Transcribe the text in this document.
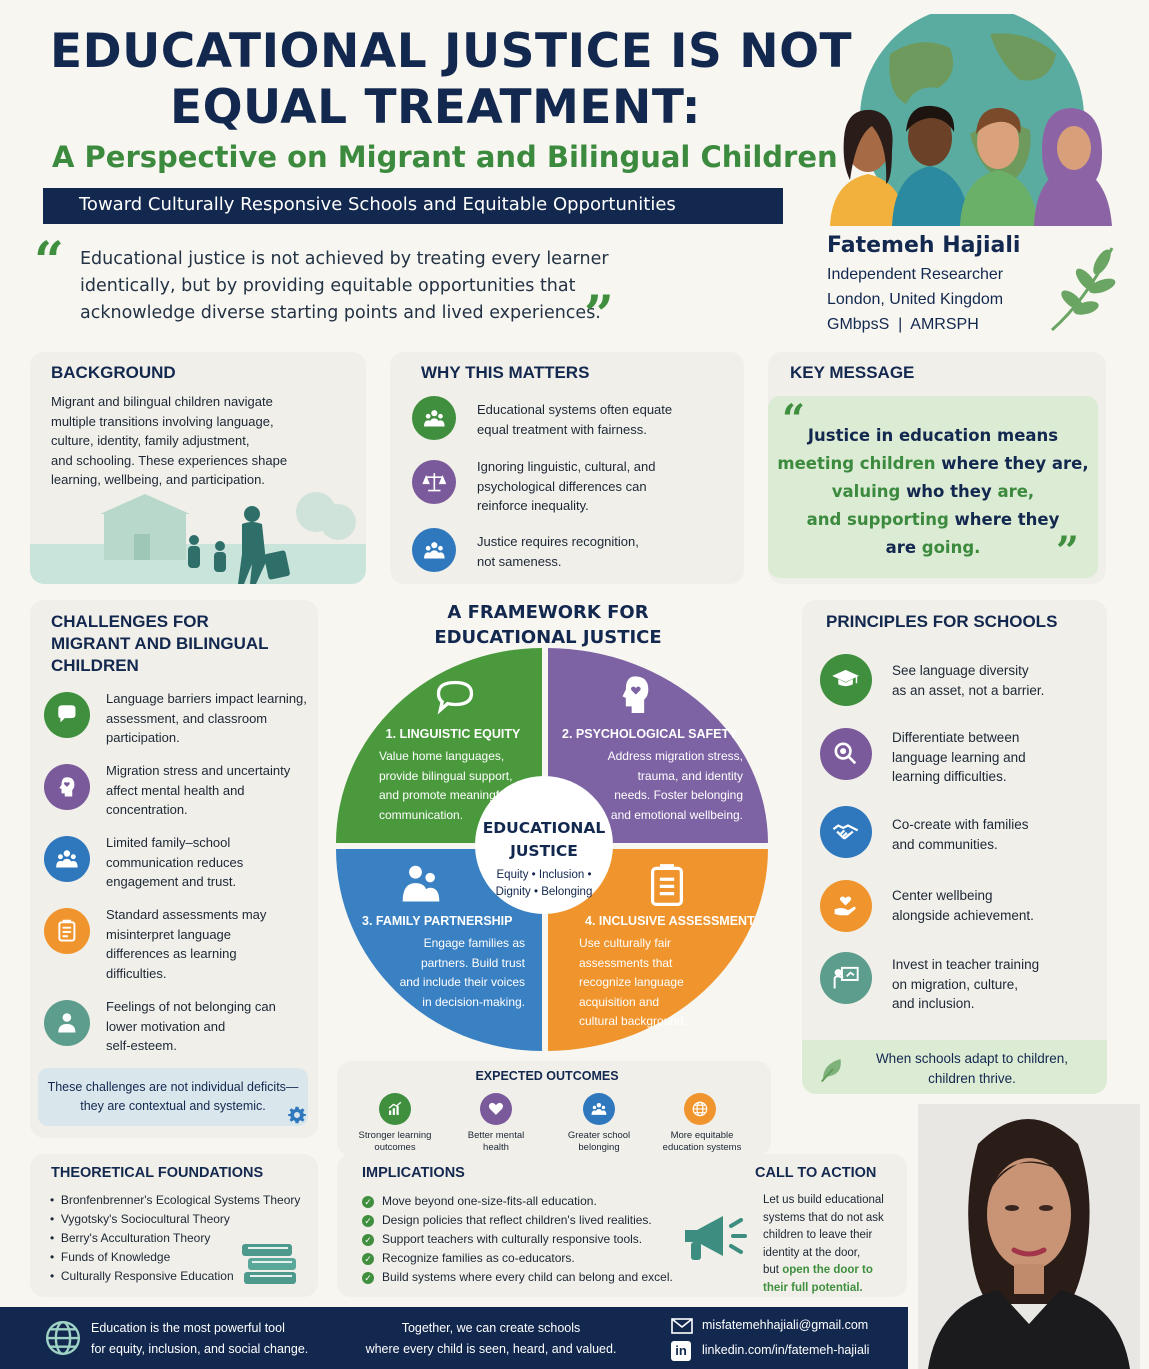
EDUCATIONAL JUSTICE IS NOT
EQUAL TREATMENT:
A Perspective on Migrant and Bilingual Children
Toward Culturally Responsive Schools and Equitable Opportunities
“ Educational justice is not achieved by treating every learner
identically, but by providing equitable opportunities that
acknowledge diverse starting points and lived experiences.
”
Fatemeh Hajiali
Independent Researcher
London, United Kingdom
GMbpsS  |  AMRSPH
BACKGROUND
Migrant and bilingual children navigate
multiple transitions involving language,
culture, identity, family adjustment,
and schooling. These experiences shape
learning, wellbeing, and participation.
WHY THIS MATTERS
Educational systems often equate
equal treatment with fairness.
Ignoring linguistic, cultural, and
psychological differences can
reinforce inequality.
Justice requires recognition,
not sameness.
KEY MESSAGE
“ Justice in education means
meeting children where they are,
valuing who they are,
and supporting where they
are going.	”
CHALLENGES FOR
MIGRANT AND BILINGUAL
CHILDREN
Language barriers impact learning,
assessment, and classroom
participation.
Migration stress and uncertainty
affect mental health and
concentration.
Limited family–school
communication reduces
engagement and trust.
Standard assessments may
misinterpret language
differences as learning
difficulties.
Feelings of not belonging can
lower motivation and
self-esteem.
These challenges are not individual deficits—
they are contextual and systemic.
A FRAMEWORK FOR
EDUCATIONAL JUSTICE
1. LINGUISTIC EQUITY
Value home languages,
provide bilingual support,
and promote meaningful
communication.
2. PSYCHOLOGICAL SAFETY
Address migration stress,
trauma, and identity
needs. Foster belonging
and emotional wellbeing.
3. FAMILY PARTNERSHIP
Engage families as
partners. Build trust
and include their voices
in decision-making.
4. INCLUSIVE ASSESSMENT
Use culturally fair
assessments that
recognize language
acquisition and
cultural background.
EDUCATIONAL
JUSTICE
Equity • Inclusion •
Dignity • Belonging
EXPECTED OUTCOMES
Stronger learning
outcomes
Better mental
health
Greater school
belonging
More equitable
education systems
PRINCIPLES FOR SCHOOLS
See language diversity
as an asset, not a barrier.
Differentiate between
language learning and
learning difficulties.
Co-create with families
and communities.
Center wellbeing
alongside achievement.
Invest in teacher training
on migration, culture,
and inclusion.
When schools adapt to children,
children thrive.
THEORETICAL FOUNDATIONS
•  Bronfenbrenner's Ecological Systems Theory
•  Vygotsky's Sociocultural Theory
•  Berry's Acculturation Theory
•  Funds of Knowledge
•  Culturally Responsive Education
IMPLICATIONS
✓ Move beyond one-size-fits-all education.
✓ Design policies that reflect children's lived realities.
✓ Support teachers with culturally responsive tools.
✓ Recognize families as co-educators.
✓ Build systems where every child can belong and excel.
CALL TO ACTION
Let us build educational
systems that do not ask
children to leave their
identity at the door,
but open the door to
their full potential.
Education is the most powerful tool
for equity, inclusion, and social change.
Together, we can create schools
where every child is seen, heard, and valued.
misfatemehhajiali@gmail.com
in	linkedin.com/in/fatemeh-hajiali
